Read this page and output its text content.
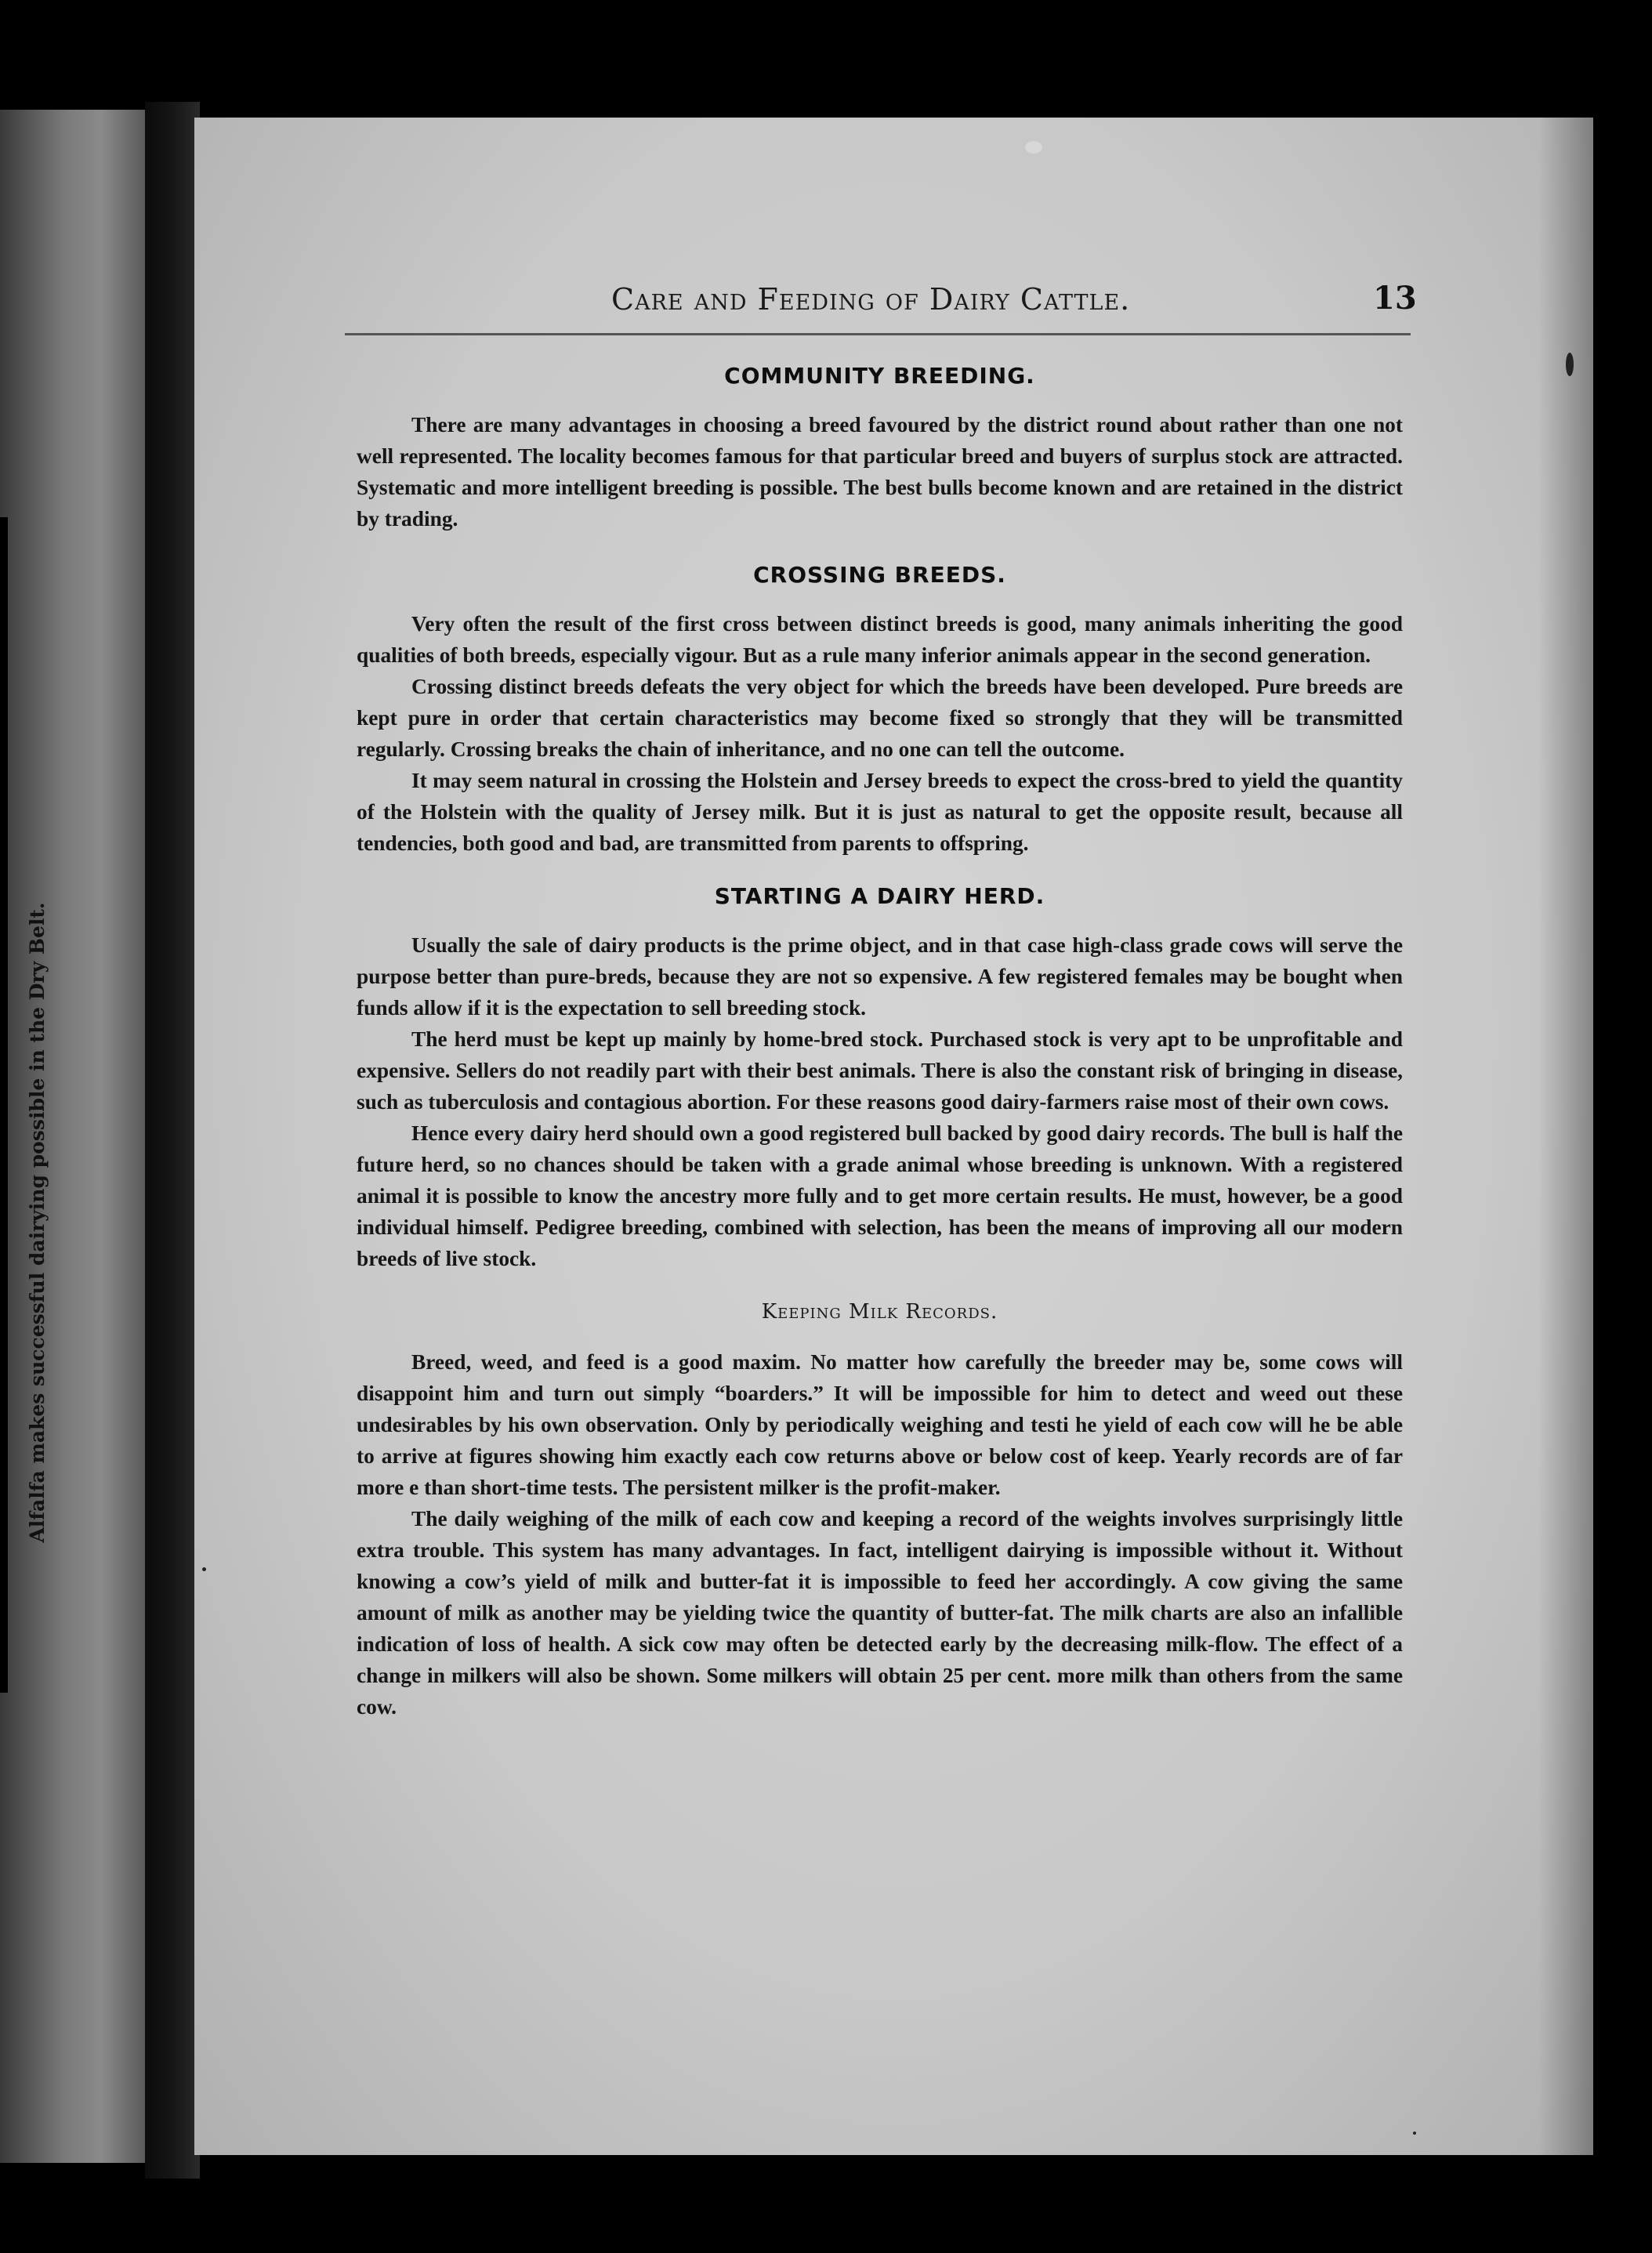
Alfalfa makes successful dairying possible in the Dry Belt.
Care and Feeding of Dairy Cattle.	13
COMMUNITY BREEDING.

There are many advantages in choosing a breed favoured by the district round about rather than one not well represented. The locality becomes famous for that particular breed and buyers of surplus stock are attracted. Systematic and more intelligent breeding is possible. The best bulls become known and are retained in the district by trading.

CROSSING BREEDS.

Very often the result of the first cross between distinct breeds is good, many animals inheriting the good qualities of both breeds, especially vigour. But as a rule many inferior animals appear in the second generation.

Crossing distinct breeds defeats the very object for which the breeds have been developed. Pure breeds are kept pure in order that certain characteristics may become fixed so strongly that they will be transmitted regularly. Crossing breaks the chain of inheritance, and no one can tell the outcome.

It may seem natural in crossing the Holstein and Jersey breeds to expect the cross-bred to yield the quantity of the Holstein with the quality of Jersey milk. But it is just as natural to get the opposite result, because all tendencies, both good and bad, are transmitted from parents to offspring.

STARTING A DAIRY HERD.

Usually the sale of dairy products is the prime object, and in that case high-class grade cows will serve the purpose better than pure-breds, because they are not so expensive. A few registered females may be bought when funds allow if it is the expectation to sell breeding stock.

The herd must be kept up mainly by home-bred stock. Purchased stock is very apt to be unprofitable and expensive. Sellers do not readily part with their best animals. There is also the constant risk of bringing in disease, such as tuberculosis and contagious abortion. For these reasons good dairy-farmers raise most of their own cows.

Hence every dairy herd should own a good registered bull backed by good dairy records. The bull is half the future herd, so no chances should be taken with a grade animal whose breeding is unknown. With a registered animal it is possible to know the ancestry more fully and to get more certain results. He must, however, be a good individual himself. Pedigree breeding, combined with selection, has been the means of improving all our modern breeds of live stock.

Keeping Milk Records.

Breed, weed, and feed is a good maxim. No matter how carefully the breeder may be, some cows will disappoint him and turn out simply “boarders.” It will be impossible for him to detect and weed out these undesirables by his own observation. Only by periodically weighing and testi he yield of each cow will he be able to arrive at figures showing him exactly each cow returns above or below cost of keep. Yearly records are of far more e than short-time tests. The persistent milker is the profit-maker.

The daily weighing of the milk of each cow and keeping a record of the weights involves surprisingly little extra trouble. This system has many advantages. In fact, intelligent dairying is impossible without it. Without knowing a cow’s yield of milk and butter-fat it is impossible to feed her accordingly. A cow giving the same amount of milk as another may be yielding twice the quantity of butter-fat. The milk charts are also an infallible indication of loss of health. A sick cow may often be detected early by the decreasing milk-flow. The effect of a change in milkers will also be shown. Some milkers will obtain 25 per cent. more milk than others from the same cow.
